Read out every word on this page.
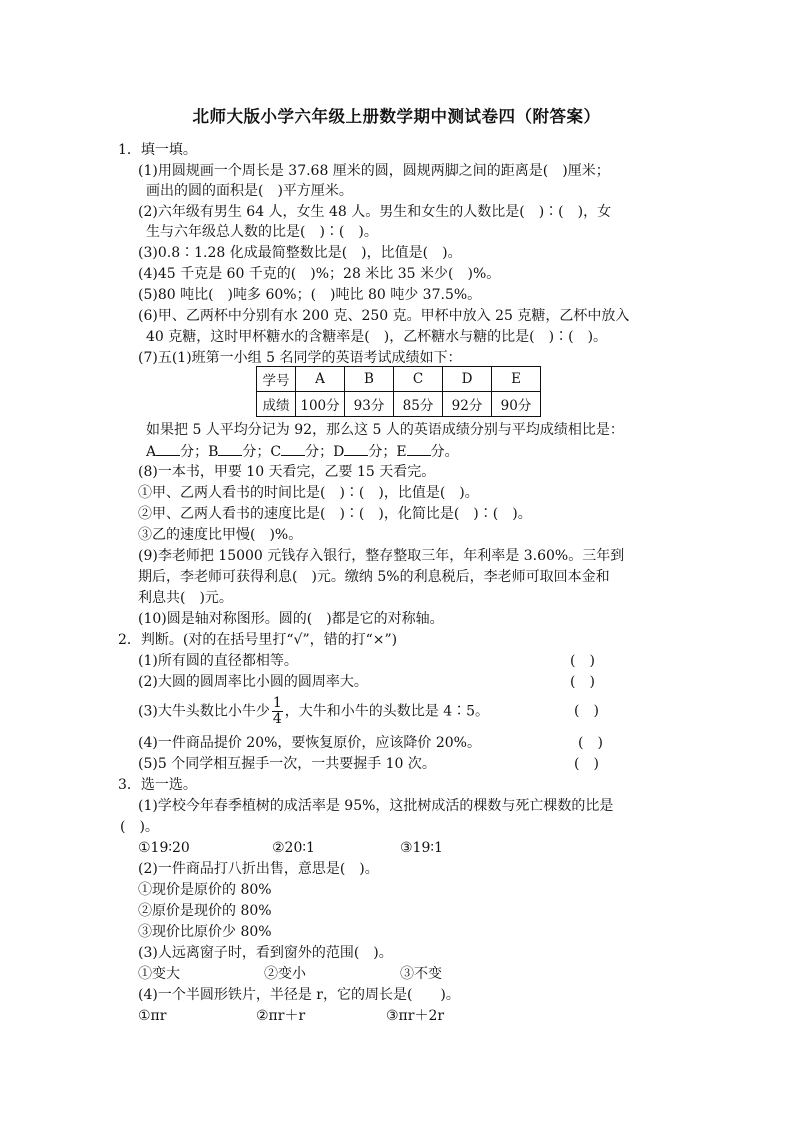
北师大版小学六年级上册数学期中测试卷四（附答案）
1．填一填。
(1)用圆规画一个周长是 37.68 厘米的圆，圆规两脚之间的距离是(　)厘米；
画出的圆的面积是(　)平方厘米。
(2)六年级有男生 64 人，女生 48 人。男生和女生的人数比是(　)∶(　)，女
生与六年级总人数的比是(　)∶(　)。
(3)0.8∶1.28 化成最简整数比是(　)，比值是(　)。
(4)45 千克是 60 千克的(　)%；28 米比 35 米少(　)%。
(5)80 吨比(　)吨多 60%；(　)吨比 80 吨少 37.5%。
(6)甲、乙两杯中分别有水 200 克、250 克。甲杯中放入 25 克糖，乙杯中放入
40 克糖，这时甲杯糖水的含糖率是(　)，乙杯糖水与糖的比是(　)∶(　)。
(7)五(1)班第一小组 5 名同学的英语考试成绩如下：
学号	A	B	C	D	E
成绩	100分	93分	85分	92分	90分
如果把 5 人平均分记为 92，那么这 5 人的英语成绩分别与平均成绩相比是：
A 分；B 分；C 分；D 分；E 分。
(8)一本书，甲要 10 天看完，乙要 15 天看完。
①甲、乙两人看书的时间比是(　)∶(　)，比值是(　)。
②甲、乙两人看书的速度比是(　)∶(　)，化简比是(　)∶(　)。
③乙的速度比甲慢(　)%。
(9)李老师把 15000 元钱存入银行，整存整取三年，年利率是 3.60%。三年到
期后，李老师可获得利息(　)元。缴纳 5%的利息税后，李老师可取回本金和
利息共(　)元。
(10)圆是轴对称图形。圆的(　)都是它的对称轴。
2．判断。(对的在括号里打“√”，错的打“×”)
(1)所有圆的直径都相等。	(　)
(2)大圆的圆周率比小圆的圆周率大。	(　)
(3)大牛头数比小牛少 $\frac{1}{4}$ ，大牛和小牛的头数比是 4∶5。	(　)
(4)一件商品提价 20%，要恢复原价，应该降价 20%。	(　)
(5)5 个同学相互握手一次，一共要握手 10 次。	(　)
3．选一选。
(1)学校今年春季植树的成活率是 95%，这批树成活的棵数与死亡棵数的比是
(　)。
①19∶20	②20∶1	③19∶1
(2)一件商品打八折出售，意思是(　)。
①现价是原价的 80%
②原价是现价的 80%
③现价比原价少 80%
(3)人远离窗子时，看到窗外的范围(　)。
①变大	②变小	③不变
(4)一个半圆形铁片，半径是 r，它的周长是(　　)。
①πr	②πr＋r	③πr＋2r
